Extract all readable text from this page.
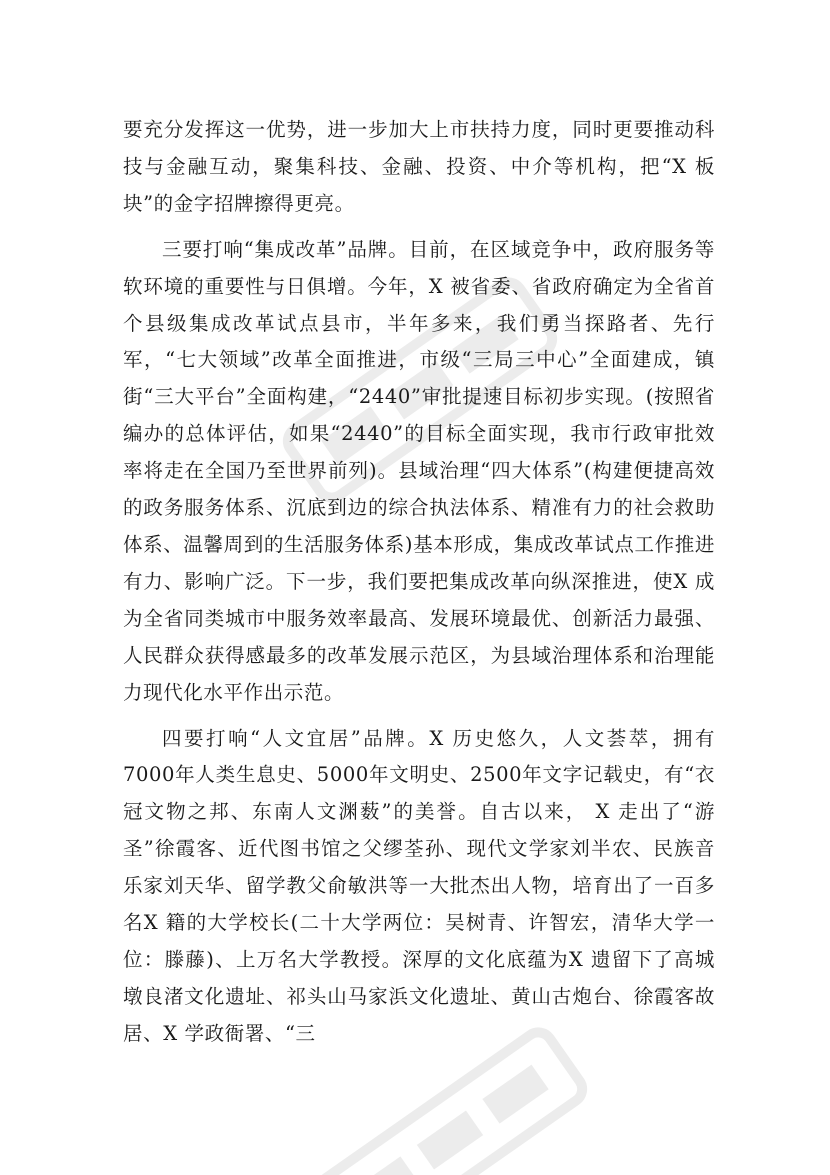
要充分发挥这一优势，进一步加大上市扶持力度，同时更要推动科技与金融互动，聚集科技、金融、投资、中介等机构，把“X 板块”的金字招牌擦得更亮。

三要打响“集成改革”品牌。目前，在区域竞争中，政府服务等软环境的重要性与日俱增。今年，X 被省委、省政府确定为全省首个县级集成改革试点县市，半年多来，我们勇当探路者、先行军，“七大领域”改革全面推进，市级“三局三中心”全面建成，镇街“三大平台”全面构建，“2440”审批提速目标初步实现。(按照省编办的总体评估，如果“2440”的目标全面实现，我市行政审批效率将走在全国乃至世界前列)。县域治理“四大体系”(构建便捷高效的政务服务体系、沉底到边的综合执法体系、精准有力的社会救助体系、温馨周到的生活服务体系)基本形成，集成改革试点工作推进有力、影响广泛。下一步，我们要把集成改革向纵深推进，使X 成为全省同类城市中服务效率最高、发展环境最优、创新活力最强、人民群众获得感最多的改革发展示范区，为县域治理体系和治理能力现代化水平作出示范。

四要打响“人文宜居”品牌。X 历史悠久，人文荟萃，拥有7000年人类生息史、5000年文明史、2500年文字记载史，有“衣冠文物之邦、东南人文渊薮”的美誉。自古以来， X 走出了“游圣”徐霞客、近代图书馆之父缪荃孙、现代文学家刘半农、民族音乐家刘天华、留学教父俞敏洪等一大批杰出人物，培育出了一百多名X 籍的大学校长(二十大学两位：吴树青、许智宏，清华大学一位：滕藤)、上万名大学教授。深厚的文化底蕴为X 遗留下了高城墩良渚文化遗址、祁头山马家浜文化遗址、黄山古炮台、徐霞客故居、X 学政衙署、“三
